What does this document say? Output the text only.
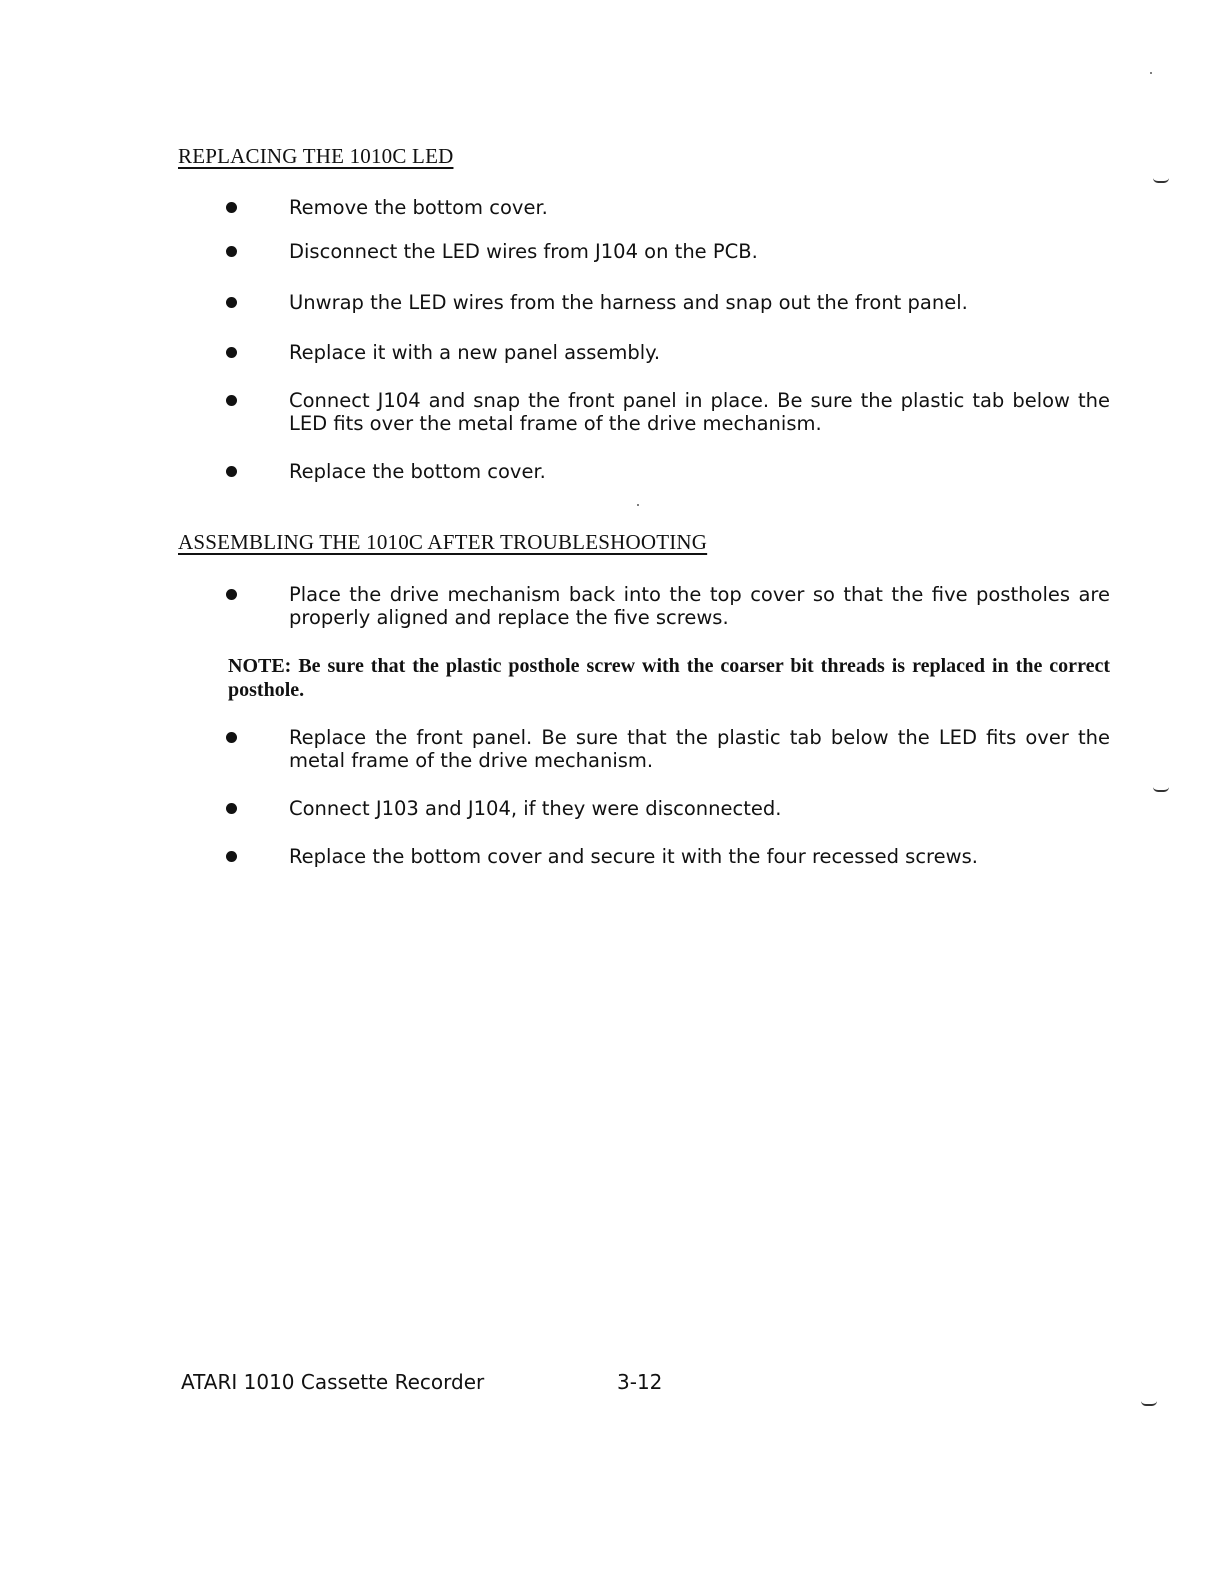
REPLACING THE 1010C LED
Remove the bottom cover.
Disconnect the LED wires from J104 on the PCB.
Unwrap the LED wires from the harness and snap out the front panel.
Replace it with a new panel assembly.
Connect J104 and snap the front panel in place. Be sure the plastic tab below the LED fits over the metal frame of the drive mechanism.
Replace the bottom cover.
ASSEMBLING THE 1010C AFTER TROUBLESHOOTING
Place the drive mechanism back into the top cover so that the five postholes are properly aligned and replace the five screws.
NOTE: Be sure that the plastic posthole screw with the coarser bit threads is replaced in the correct posthole.
Replace the front panel. Be sure that the plastic tab below the LED fits over the metal frame of the drive mechanism.
Connect J103 and J104, if they were disconnected.
Replace the bottom cover and secure it with the four recessed screws.
ATARI 1010 Cassette Recorder	3-12
